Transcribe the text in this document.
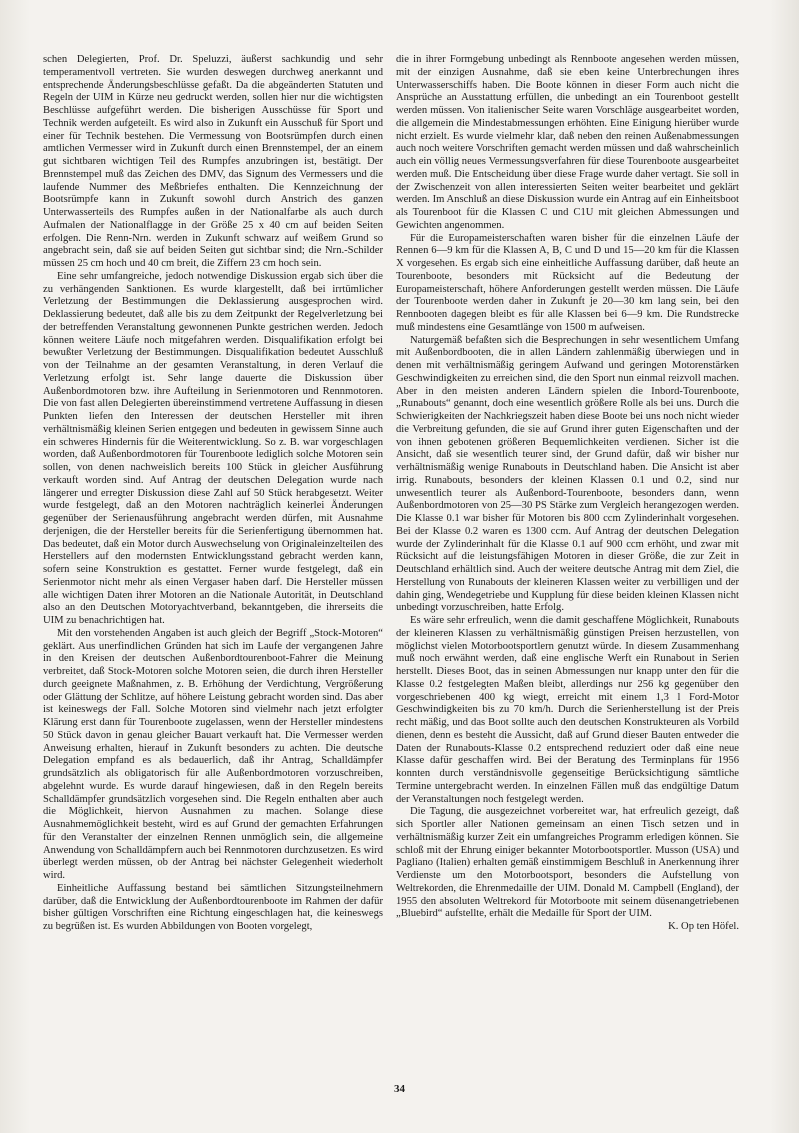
schen Delegierten, Prof. Dr. Speluzzi, äußerst sachkundig und sehr temperamentvoll vertreten. Sie wurden deswegen durchweg anerkannt und entsprechende Änderungsbeschlüsse gefaßt. Da die abgeänderten Statuten und Regeln der UIM in Kürze neu gedruckt werden, sollen hier nur die wichtigsten Beschlüsse aufgeführt werden. Die bisherigen Ausschüsse für Sport und Technik werden aufgeteilt. Es wird also in Zukunft ein Ausschuß für Sport und einer für Technik bestehen. Die Vermessung von Bootsrümpfen durch einen amtlichen Vermesser wird in Zukunft durch einen Brennstempel, der an einem gut sichtbaren wichtigen Teil des Rumpfes anzubringen ist, bestätigt. Der Brennstempel muß das Zeichen des DMV, das Signum des Vermessers und die laufende Nummer des Meßbriefes enthalten. Die Kennzeichnung der Bootsrümpfe kann in Zukunft sowohl durch Anstrich des ganzen Unterwasserteils des Rumpfes außen in der Nationalfarbe als auch durch Aufmalen der Nationalflagge in der Größe 25 x 40 cm auf beiden Seiten erfolgen. Die Renn-Nrn. werden in Zukunft schwarz auf weißem Grund so angebracht sein, daß sie auf beiden Seiten gut sichtbar sind; die Nrn.-Schilder müssen 25 cm hoch und 40 cm breit, die Ziffern 23 cm hoch sein.

Eine sehr umfangreiche, jedoch notwendige Diskussion ergab sich über die zu verhängenden Sanktionen. Es wurde klargestellt, daß bei irrtümlicher Verletzung der Bestimmungen die Deklassierung ausgesprochen wird. Deklassierung bedeutet, daß alle bis zu dem Zeitpunkt der Regelverletzung bei der betreffenden Veranstaltung gewonnenen Punkte gestrichen werden. Jedoch können weitere Läufe noch mitgefahren werden. Disqualifikation erfolgt bei bewußter Verletzung der Bestimmungen. Disqualifikation bedeutet Ausschluß von der Teilnahme an der gesamten Veranstaltung, in deren Verlauf die Verletzung erfolgt ist. Sehr lange dauerte die Diskussion über Außenbordmotoren bzw. ihre Aufteilung in Serienmotoren und Rennmotoren. Die von fast allen Delegierten übereinstimmend vertretene Auffassung in diesen Punkten liefen den Interessen der deutschen Hersteller mit ihren verhältnismäßig kleinen Serien entgegen und bedeuten in gewissem Sinne auch ein schweres Hindernis für die Weiterentwicklung. So z. B. war vorgeschlagen worden, daß Außenbordmotoren für Tourenboote lediglich solche Motoren sein sollen, von denen nachweislich bereits 100 Stück in gleicher Ausführung verkauft worden sind. Auf Antrag der deutschen Delegation wurde nach längerer und erregter Diskussion diese Zahl auf 50 Stück herabgesetzt. Weiter wurde festgelegt, daß an den Motoren nachträglich keinerlei Änderungen gegenüber der Serienausführung angebracht werden dürfen, mit Ausnahme derjenigen, die der Hersteller bereits für die Serienfertigung übernommen hat. Das bedeutet, daß ein Motor durch Auswechselung von Originaleinzelteilen des Herstellers auf den modernsten Entwicklungsstand gebracht werden kann, sofern seine Konstruktion es gestattet. Ferner wurde festgelegt, daß ein Serienmotor nicht mehr als einen Vergaser haben darf. Die Hersteller müssen alle wichtigen Daten ihrer Motoren an die Nationale Autorität, in Deutschland also an den Deutschen Motoryachtverband, bekanntgeben, die ihrerseits die UIM zu benachrichtigen hat.

Mit den vorstehenden Angaben ist auch gleich der Begriff „Stock-Motoren“ geklärt. Aus unerfindlichen Gründen hat sich im Laufe der vergangenen Jahre in den Kreisen der deutschen Außenbordtourenboot-Fahrer die Meinung verbreitet, daß Stock-Motoren solche Motoren seien, die durch ihren Hersteller durch geeignete Maßnahmen, z. B. Erhöhung der Verdichtung, Vergrößerung oder Glättung der Schlitze, auf höhere Leistung gebracht worden sind. Das aber ist keineswegs der Fall. Solche Motoren sind vielmehr nach jetzt erfolgter Klärung erst dann für Tourenboote zugelassen, wenn der Hersteller mindestens 50 Stück davon in genau gleicher Bauart verkauft hat. Die Vermesser werden Anweisung erhalten, hierauf in Zukunft besonders zu achten. Die deutsche Delegation empfand es als bedauerlich, daß ihr Antrag, Schalldämpfer grundsätzlich als obligatorisch für alle Außenbordmotoren vorzuschreiben, abgelehnt wurde. Es wurde darauf hingewiesen, daß in den Regeln bereits Schalldämpfer grundsätzlich vorgesehen sind. Die Regeln enthalten aber auch die Möglichkeit, hiervon Ausnahmen zu machen. Solange diese Ausnahmemöglichkeit besteht, wird es auf Grund der gemachten Erfahrungen für den Veranstalter der einzelnen Rennen unmöglich sein, die allgemeine Anwendung von Schalldämpfern auch bei Rennmotoren durchzusetzen. Es wird überlegt werden müssen, ob der Antrag bei nächster Gelegenheit wiederholt wird.

Einheitliche Auffassung bestand bei sämtlichen Sitzungsteilnehmern darüber, daß die Entwicklung der Außenbordtourenboote im Rahmen der dafür bisher gültigen Vorschriften eine Richtung eingeschlagen hat, die keineswegs zu begrüßen ist. Es wurden Abbildungen von Booten vorgelegt,

die in ihrer Formgebung unbedingt als Rennboote angesehen werden müssen, mit der einzigen Ausnahme, daß sie eben keine Unterbrechungen ihres Unterwasserschiffs haben. Die Boote können in dieser Form auch nicht die Ansprüche an Ausstattung erfüllen, die unbedingt an ein Tourenboot gestellt werden müssen. Von italienischer Seite waren Vorschläge ausgearbeitet worden, die allgemein die Mindestabmessungen erhöhten. Eine Einigung hierüber wurde nicht erzielt. Es wurde vielmehr klar, daß neben den reinen Außenabmessungen auch noch weitere Vorschriften gemacht werden müssen und daß wahrscheinlich auch ein völlig neues Vermessungsverfahren für diese Tourenboote ausgearbeitet werden muß. Die Entscheidung über diese Frage wurde daher vertagt. Sie soll in der Zwischenzeit von allen interessierten Seiten weiter bearbeitet und geklärt werden. Im Anschluß an diese Diskussion wurde ein Antrag auf ein Einheitsboot als Tourenboot für die Klassen C und C1U mit gleichen Abmessungen und Gewichten angenommen.

Für die Europameisterschaften waren bisher für die einzelnen Läufe der Rennen 6—9 km für die Klassen A, B, C und D und 15—20 km für die Klassen X vorgesehen. Es ergab sich eine einheitliche Auffassung darüber, daß heute an Tourenboote, besonders mit Rücksicht auf die Bedeutung der Europameisterschaft, höhere Anforderungen gestellt werden müssen. Die Läufe der Tourenboote werden daher in Zukunft je 20—30 km lang sein, bei den Rennbooten dagegen bleibt es für alle Klassen bei 6—9 km. Die Rundstrecke muß mindestens eine Gesamtlänge von 1500 m aufweisen.

Naturgemäß befaßten sich die Besprechungen in sehr wesentlichem Umfang mit Außenbordbooten, die in allen Ländern zahlenmäßig überwiegen und in denen mit verhältnismäßig geringem Aufwand und geringen Motorenstärken Geschwindigkeiten zu erreichen sind, die den Sport nun einmal reizvoll machen. Aber in den meisten anderen Ländern spielen die Inbord-Tourenboote, „Runabouts“ genannt, doch eine wesentlich größere Rolle als bei uns. Durch die Schwierigkeiten der Nachkriegszeit haben diese Boote bei uns noch nicht wieder die Verbreitung gefunden, die sie auf Grund ihrer guten Eigenschaften und der von ihnen gebotenen größeren Bequemlichkeiten verdienen. Sicher ist die Ansicht, daß sie wesentlich teurer sind, der Grund dafür, daß wir bisher nur verhältnismäßig wenige Runabouts in Deutschland haben. Die Ansicht ist aber irrig. Runabouts, besonders der kleinen Klassen 0.1 und 0.2, sind nur unwesentlich teurer als Außenbord-Tourenboote, besonders dann, wenn Außenbordmotoren von 25—30 PS Stärke zum Vergleich herangezogen werden. Die Klasse 0.1 war bisher für Motoren bis 800 ccm Zylinderinhalt vorgesehen. Bei der Klasse 0.2 waren es 1300 ccm. Auf Antrag der deutschen Delegation wurde der Zylinderinhalt für die Klasse 0.1 auf 900 ccm erhöht, und zwar mit Rücksicht auf die leistungsfähigen Motoren in dieser Größe, die zur Zeit in Deutschland erhältlich sind. Auch der weitere deutsche Antrag mit dem Ziel, die Herstellung von Runabouts der kleineren Klassen weiter zu verbilligen und der dahin ging, Wendegetriebe und Kupplung für diese beiden kleinen Klassen nicht unbedingt vorzuschreiben, hatte Erfolg.

Es wäre sehr erfreulich, wenn die damit geschaffene Möglichkeit, Runabouts der kleineren Klassen zu verhältnismäßig günstigen Preisen herzustellen, von möglichst vielen Motorbootsportlern genutzt würde. In diesem Zusammenhang muß noch erwähnt werden, daß eine englische Werft ein Runabout in Serien herstellt. Dieses Boot, das in seinen Abmessungen nur knapp unter den für die Klasse 0.2 festgelegten Maßen bleibt, allerdings nur 256 kg gegenüber den vorgeschriebenen 400 kg wiegt, erreicht mit einem 1,3 l Ford-Motor Geschwindigkeiten bis zu 70 km/h. Durch die Serienherstellung ist der Preis recht mäßig, und das Boot sollte auch den deutschen Konstrukteuren als Vorbild dienen, denn es besteht die Aussicht, daß auf Grund dieser Bauten entweder die Daten der Runabouts-Klasse 0.2 entsprechend reduziert oder daß eine neue Klasse dafür geschaffen wird. Bei der Beratung des Terminplans für 1956 konnten durch verständnisvolle gegenseitige Berücksichtigung sämtliche Termine untergebracht werden. In einzelnen Fällen muß das endgültige Datum der Veranstaltungen noch festgelegt werden.

Die Tagung, die ausgezeichnet vorbereitet war, hat erfreulich gezeigt, daß sich Sportler aller Nationen gemeinsam an einen Tisch setzen und in verhältnismäßig kurzer Zeit ein umfangreiches Programm erledigen können. Sie schloß mit der Ehrung einiger bekannter Motorbootsportler. Musson (USA) und Pagliano (Italien) erhalten gemäß einstimmigem Beschluß in Anerkennung ihrer Verdienste um den Motorbootsport, besonders die Aufstellung von Weltrekorden, die Ehrenmedaille der UIM. Donald M. Campbell (England), der 1955 den absoluten Weltrekord für Motorboote mit seinem düsenangetriebenen „Bluebird“ aufstellte, erhält die Medaille für Sport der UIM.

K. Op ten Höfel.

34
